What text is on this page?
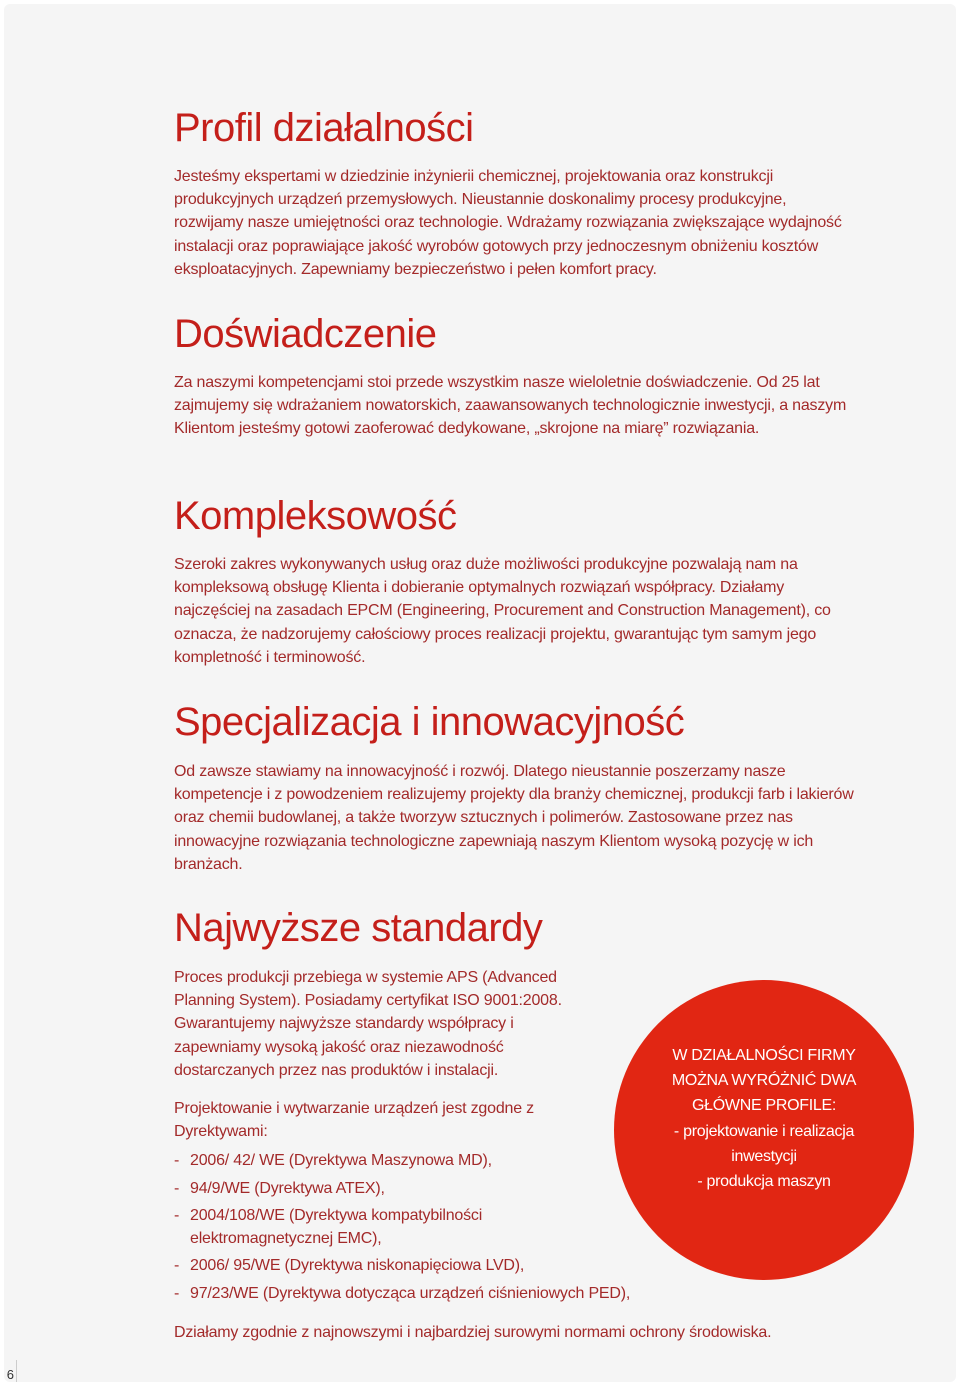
Profil działalności

Jesteśmy ekspertami w dziedzinie inżynierii chemicznej, projektowania oraz konstrukcji produkcyjnych urządzeń przemysłowych. Nieustannie doskonalimy procesy produkcyjne, rozwijamy nasze umiejętności oraz technologie. Wdrażamy rozwiązania zwiększające wydajność instalacji oraz poprawiające jakość wyrobów gotowych przy jednoczesnym obniżeniu kosztów eksploatacyjnych. Zapewniamy bezpieczeństwo i pełen komfort pracy.

Doświadczenie

Za naszymi kompetencjami stoi przede wszystkim nasze wieloletnie doświadczenie. Od 25 lat zajmujemy się wdrażaniem nowatorskich, zaawansowanych technologicznie inwestycji, a naszym Klientom jesteśmy gotowi zaoferować dedykowane, „skrojone na miarę” rozwiązania.

Kompleksowość

Szeroki zakres wykonywanych usług oraz duże możliwości produkcyjne pozwalają nam na kompleksową obsługę Klienta i dobieranie optymalnych rozwiązań współpracy. Działamy najczęściej na zasadach EPCM (Engineering, Procurement and Construction Management), co oznacza, że nadzorujemy całościowy proces realizacji projektu, gwarantując tym samym jego kompletność i terminowość.

Specjalizacja i innowacyjność

Od zawsze stawiamy na innowacyjność i rozwój. Dlatego nieustannie poszerzamy nasze kompetencje i z powodzeniem realizujemy projekty dla branży chemicznej, produkcji farb i lakierów oraz chemii budowlanej, a także tworzyw sztucznych i polimerów. Zastosowane przez nas innowacyjne rozwiązania technologiczne zapewniają naszym Klientom wysoką pozycję w ich branżach.

Najwyższe standardy

Proces produkcji przebiega w systemie APS (Advanced Planning System). Posiadamy certyfikat ISO 9001:2008. Gwarantujemy najwyższe standardy współpracy i zapewniamy wysoką jakość oraz niezawodność dostarczanych przez nas produktów i instalacji.

Projektowanie i wytwarzanie urządzeń jest zgodne z Dyrektywami:

- 2006/ 42/ WE (Dyrektywa Maszynowa MD),
- 94/9/WE (Dyrektywa ATEX),
- 2004/108/WE (Dyrektywa kompatybilności elektromagnetycznej EMC),
- 2006/ 95/WE (Dyrektywa niskonapięciowa LVD),
- 97/23/WE (Dyrektywa dotycząca urządzeń ciśnieniowych PED),

Działamy zgodnie z najnowszymi i najbardziej surowymi normami ochrony środowiska.

W DZIAŁALNOŚCI FIRMY
MOŻNA WYRÓŻNIĆ DWA
GŁÓWNE PROFILE:
- projektowanie i realizacja
inwestycji
- produkcja maszyn

6
